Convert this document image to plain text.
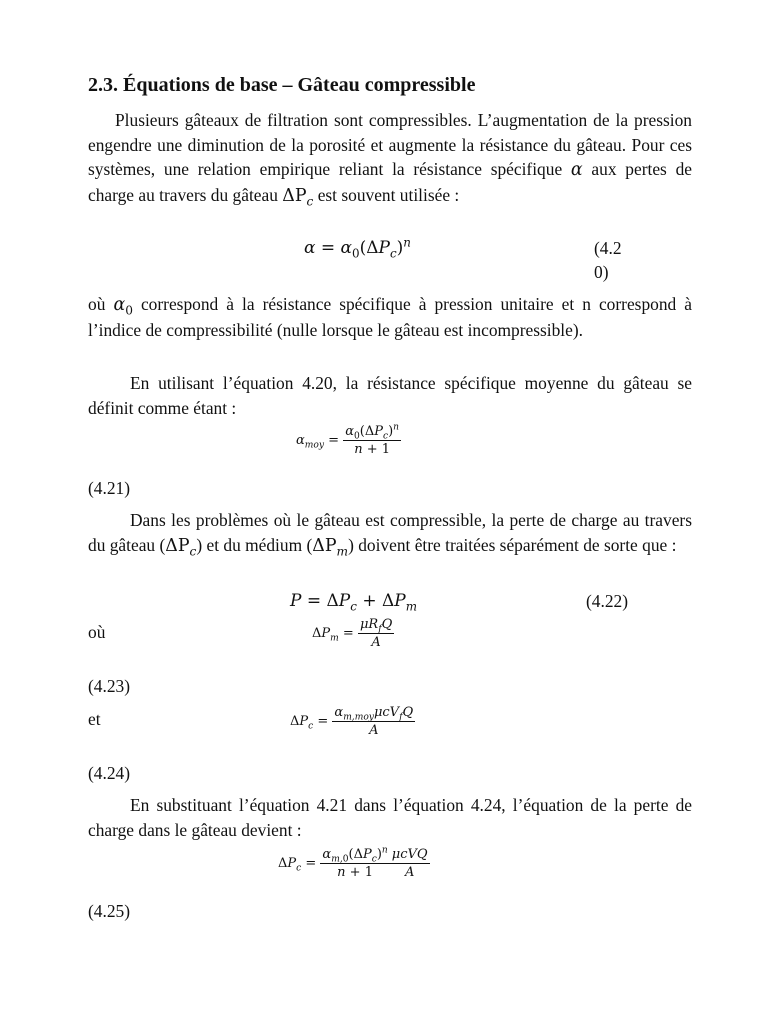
2.3. Équations de base – Gâteau compressible
Plusieurs gâteaux de filtration sont compressibles. L’augmentation de la pression engendre une diminution de la porosité et augmente la résistance du gâteau. Pour ces systèmes, une relation empirique reliant la résistance spécifique α aux pertes de charge au travers du gâteau $\Delta P_c$ est souvent utilisée :
$\alpha = \alpha_0(\Delta P_c)^n$	(4.2
0)
où $\alpha_0$ correspond à la résistance spécifique à pression unitaire et n correspond à l’indice de compressibilité (nulle lorsque le gâteau est incompressible).
En utilisant l’équation 4.20, la résistance spécifique moyenne du gâteau se définit comme étant :
$\alpha_{moy} = \frac{\alpha_0(\Delta P_c)^n}{n + 1}$
(4.21)
Dans les problèmes où le gâteau est compressible, la perte de charge au travers du gâteau $(\Delta P_c)$ et du médium $(\Delta P_m)$ doivent être traitées séparément de sorte que :
$P = \Delta P_c + \Delta P_m$	(4.22)
où	$\Delta P_m = \frac{\mu R_fQ}{A}$
(4.23)
et	$\Delta P_c = \frac{\alpha_{m,moy}\mu cV_fQ}{A}$
(4.24)
En substituant l’équation 4.21 dans l’équation 4.24, l’équation de la perte de charge dans le gâteau devient :
$\Delta P_c = \frac{\alpha_{m,0}(\Delta P_c)^n}{n + 1} \frac{\text{μcVQ}}{A}$
(4.25)
